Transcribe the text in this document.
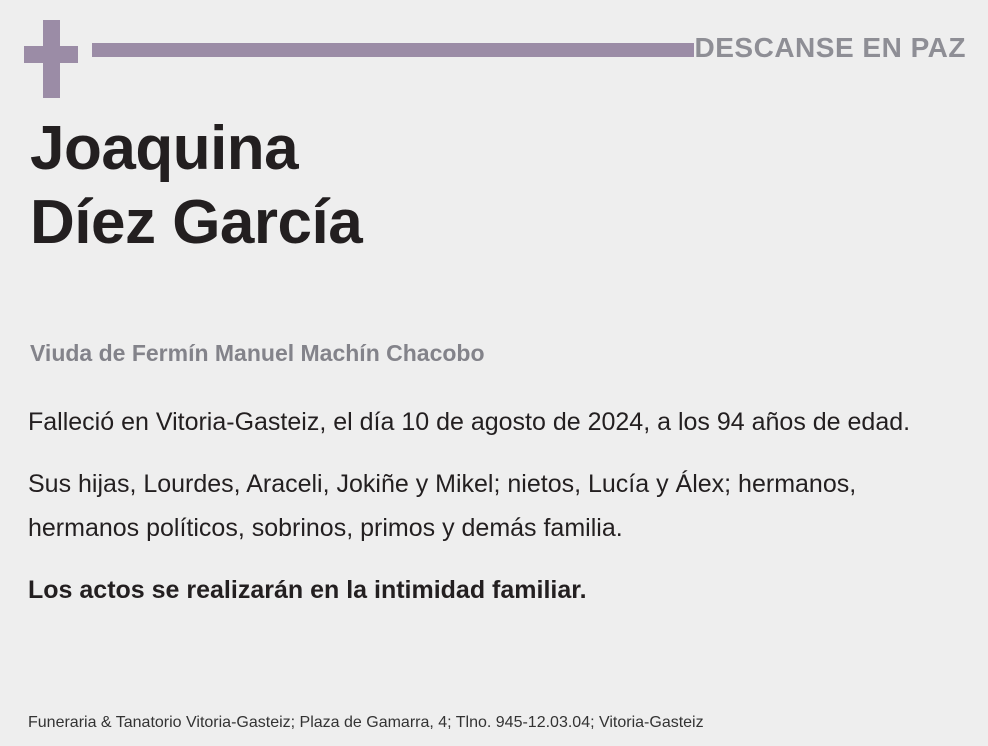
DESCANSE EN PAZ
Joaquina
Díez García
Viuda de Fermín Manuel Machín Chacobo

Falleció en Vitoria-Gasteiz, el día 10 de agosto de 2024, a los 94 años de edad.

Sus hijas, Lourdes, Araceli, Jokiñe y Mikel; nietos, Lucía y Álex; hermanos, hermanos políticos, sobrinos, primos y demás familia.

Los actos se realizarán en la intimidad familiar.

Funeraria & Tanatorio Vitoria-Gasteiz; Plaza de Gamarra, 4; Tlno. 945-12.03.04; Vitoria-Gasteiz
